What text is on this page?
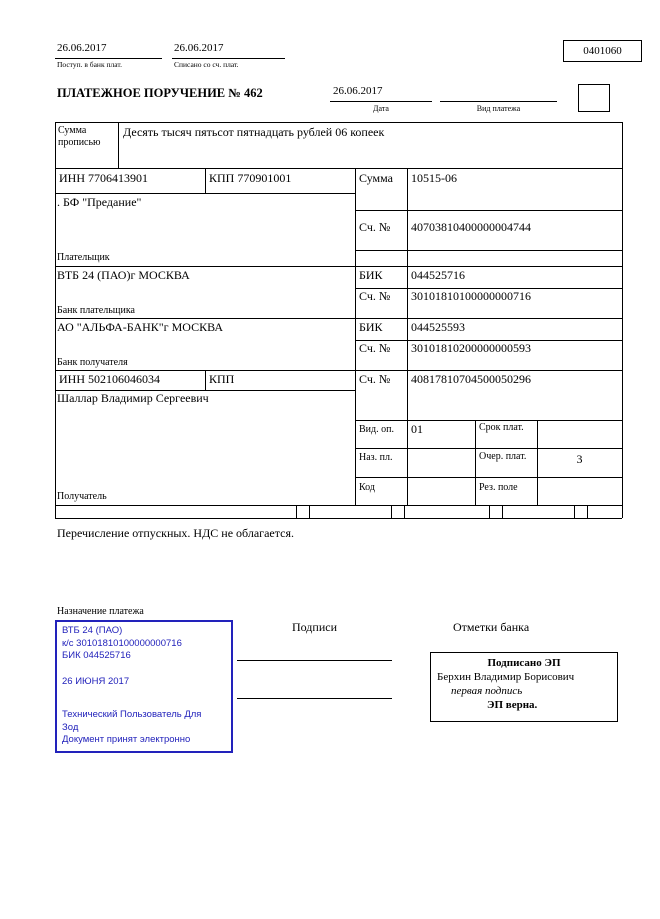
26.06.2017
Поступ. в банк плат.
26.06.2017
Списано со сч. плат.
0401060
ПЛАТЕЖНОЕ ПОРУЧЕНИЕ № 462	26.06.2017
Дата	Вид платежа
Сумма прописью
Десять тысяч пятьсот пятнадцать рублей 06 копеек
ИНН 7706413901	КПП 770901001	Сумма 10515-06
. БФ "Предание"
Сч. № 40703810400000004744
Плательщик
ВТБ 24 (ПАО)г МОСКВА	БИК 044525716
Сч. № 30101810100000000716
Банк плательщика
АО "АЛЬФА-БАНК"г МОСКВА	БИК 044525593
Сч. № 30101810200000000593
Банк получателя
ИНН 502106046034	КПП	Сч. № 40817810704500050296
Шаллар Владимир Сергеевич
Получатель
Вид. оп. 01	Срок плат.
Наз. пл.	Очер. плат.	3
Код	Рез. поле
Перечисление отпускных. НДС не облагается.
Назначение платежа
ВТБ 24 (ПАО)
к/с 30101810100000000716
БИК 044525716
26 ИЮНЯ 2017
Технический Пользователь Для
Зод
Документ принят электронно
Подписи	Отметки банка
Подписано ЭП
Берхин Владимир Борисович
первая подпись
ЭП верна.
